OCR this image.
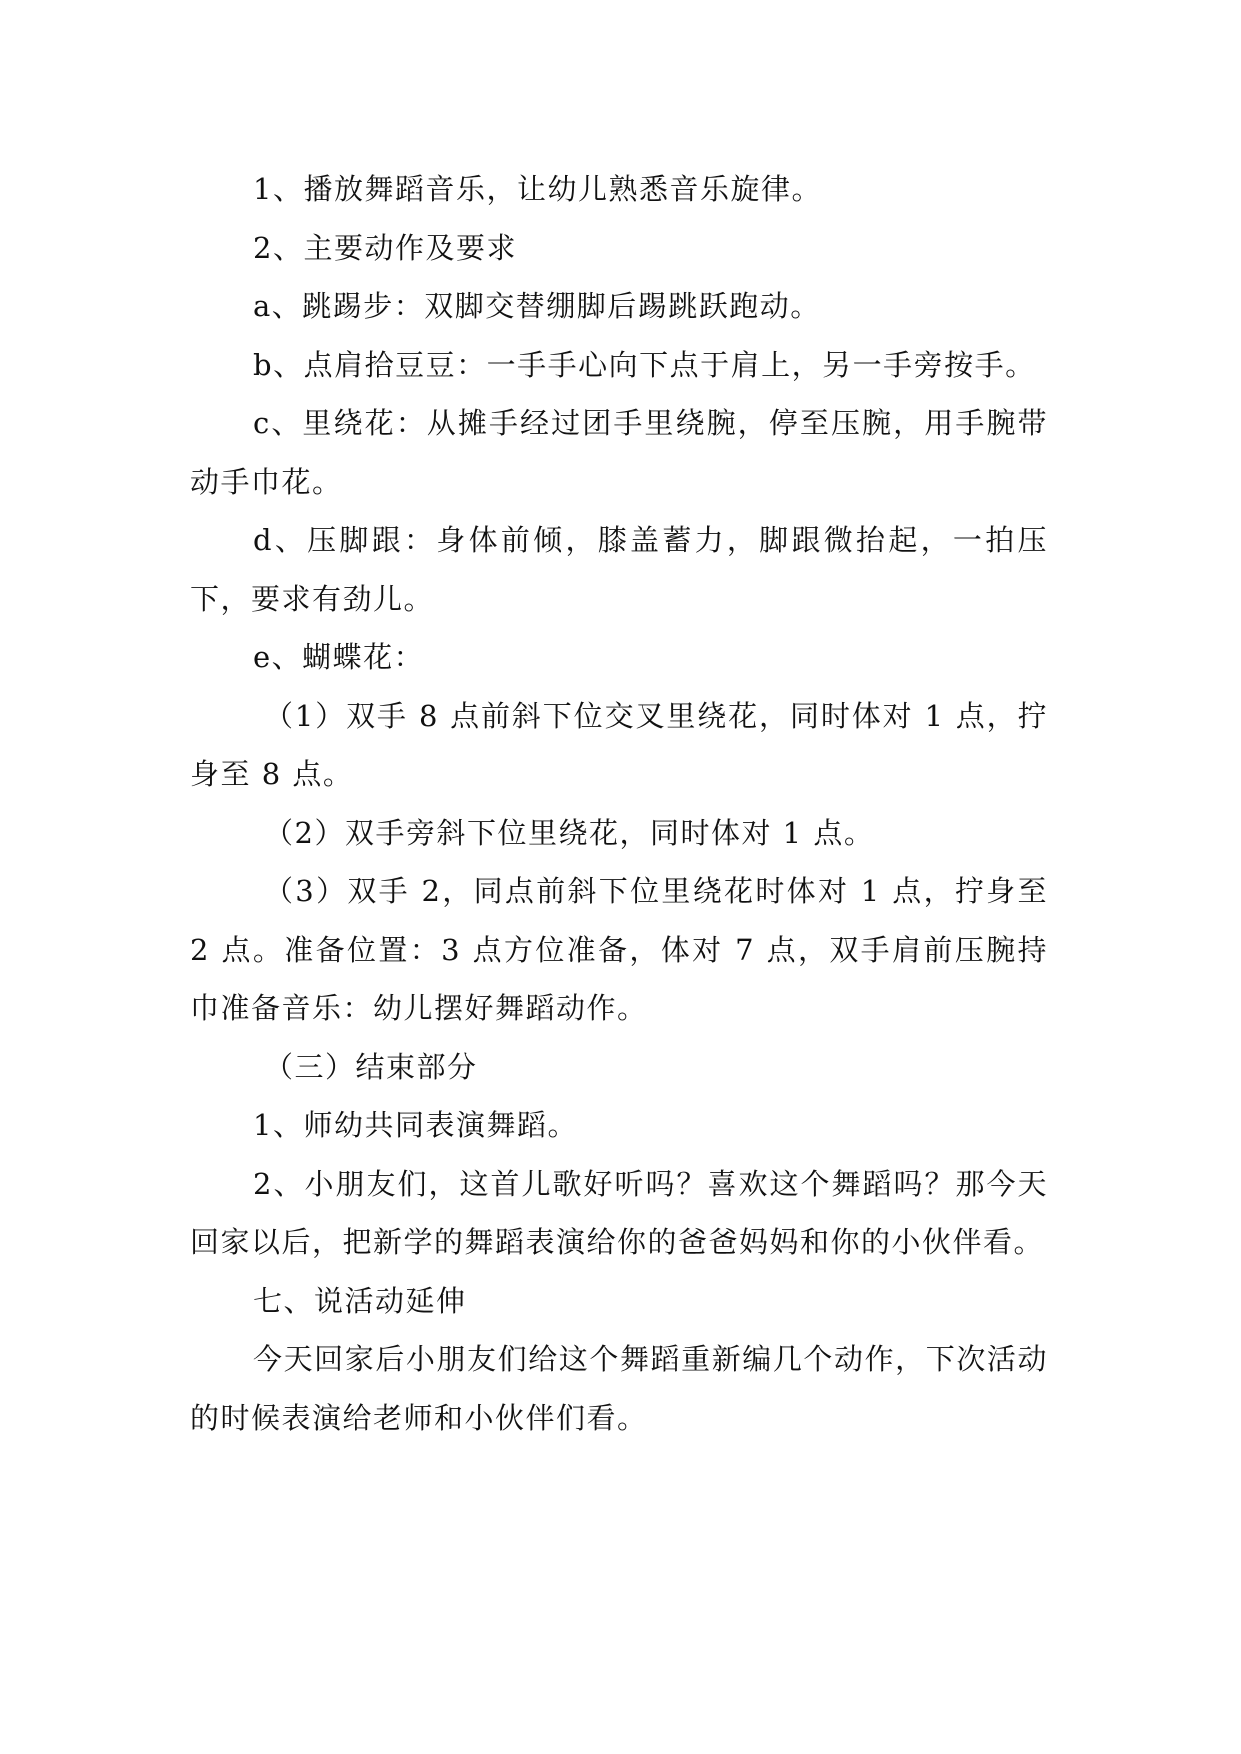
1、播放舞蹈音乐，让幼儿熟悉音乐旋律。

2、主要动作及要求

a、跳踢步：双脚交替绷脚后踢跳跃跑动。

b、点肩拾豆豆：一手手心向下点于肩上，另一手旁按手。

c、里绕花：从摊手经过团手里绕腕，停至压腕，用手腕带动手巾花。

d、压脚跟：身体前倾，膝盖蓄力，脚跟微抬起，一拍压下，要求有劲儿。

e、蝴蝶花：

（1）双手 8 点前斜下位交叉里绕花，同时体对 1 点，拧身至 8 点。

（2）双手旁斜下位里绕花，同时体对 1 点。

（3）双手 2，同点前斜下位里绕花时体对 1 点，拧身至 2 点。准备位置：3 点方位准备，体对 7 点，双手肩前压腕持巾准备音乐：幼儿摆好舞蹈动作。

（三）结束部分

1、师幼共同表演舞蹈。

2、小朋友们，这首儿歌好听吗？喜欢这个舞蹈吗？那今天回家以后，把新学的舞蹈表演给你的爸爸妈妈和你的小伙伴看。

七、说活动延伸

今天回家后小朋友们给这个舞蹈重新编几个动作，下次活动的时候表演给老师和小伙伴们看。
